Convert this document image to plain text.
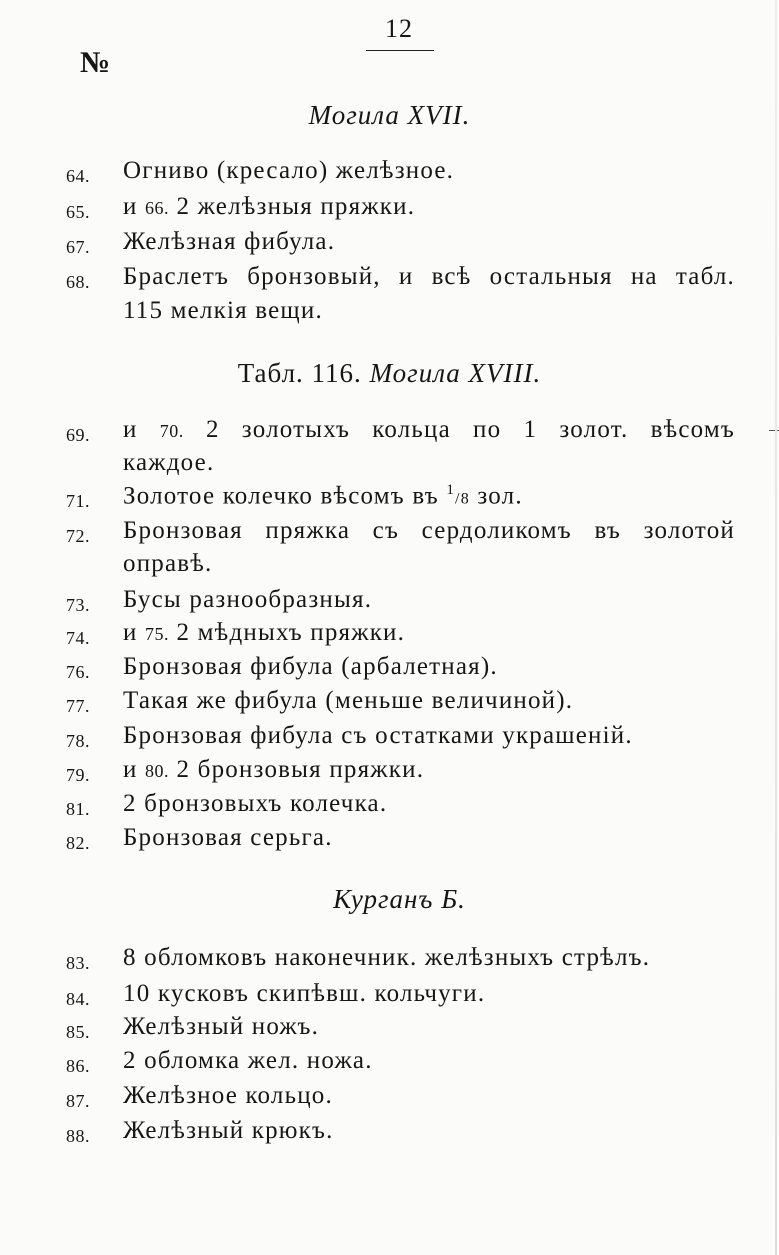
12
№
Могила XVII.
64. Огниво (кресало) желѣзное.
65. и 66. 2 желѣзныя пряжки.
67. Желѣзная фибула.
68. Браслетъ бронзовый, и всѣ остальныя на табл.
115 мелкія вещи.
Табл. 116. Могила XVIII.
69. и 70. 2 золотыхъ кольца по 1 золот. вѣсомъ
каждое.
71. Золотое колечко вѣсомъ въ $^1$/8 зол.
72. Бронзовая пряжка съ сердоликомъ въ золотой
оправѣ.
73. Бусы разнообразныя.
74. и 75. 2 мѣдныхъ пряжки.
76. Бронзовая фибула (арбалетная).
77. Такая же фибула (меньше величиной).
78. Бронзовая фибула съ остатками украшеній.
79. и 80. 2 бронзовыя пряжки.
81. 2 бронзовыхъ колечка.
82. Бронзовая серьга.
Курганъ Б.
83. 8 обломковъ наконечник. желѣзныхъ стрѣлъ.
84. 10 кусковъ скипѣвш. кольчуги.
85. Желѣзный ножъ.
86. 2 обломка жел. ножа.
87. Желѣзное кольцо.
88. Желѣзный крюкъ.
